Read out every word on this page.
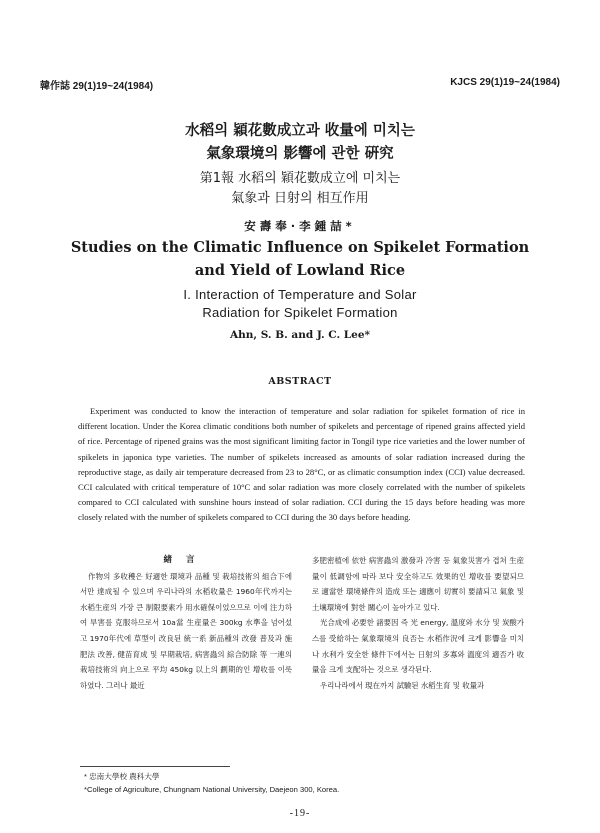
韓作誌 29(1)19~24(1984)	KJCS 29(1)19~24(1984)
水稻의 穎花數成立과 收量에 미치는
氣象環境의 影響에 관한 硏究
第1報 水稻의 穎花數成立에 미치는
氣象과 日射의 相互作用
安壽奉·李鍾喆*
Studies on the Climatic Influence on Spikelet Formation
and Yield of Lowland Rice
I. Interaction of Temperature and Solar
Radiation for Spikelet Formation
Ahn, S. B. and J. C. Lee*
ABSTRACT
Experiment was conducted to know the interaction of temperature and solar radiation for spikelet formation of rice in different location. Under the Korea climatic conditions both number of spikelets and percentage of ripened grains affected yield of rice. Percentage of ripened grains was the most significant limiting factor in Tongil type rice varieties and the lower number of spikelets in japonica type varieties. The number of spikelets increased as amounts of solar radiation increased during the reproductive stage, as daily air temperature decreased from 23 to 28°C, or as climatic consumption index (CCI) value decreased. CCI calculated with critical temperature of 10°C and solar radiation was more closely correlated with the number of spikelets compared to CCI calculated with sunshine hours instead of solar radiation. CCI during the 15 days before heading was more closely related with the number of spikelets compared to CCI during the 30 days before heading.

緖言

作物의 多收穫은 好適한 環境과 品種 및 栽培技術의 組合下에서만 達成될 수 있으며 우리나라의 水稻收量은 1960年代까지는 水稻生産의 가장 큰 制限要素가 用水確保이었으므로 이에 注力하여 旱害를 克服하므로서 10a當 生産量은 300kg 水準을 넘어섰고 1970年代에 草型이 改良된 統一系 新品種의 改發 普及과 施肥法 改善, 健苗育成 및 早期栽培, 病害蟲의 綜合防除 等 一連의 栽培技術의 向上으로 平均 450kg 以上의 劃期的인 增收를 이룩하였다. 그러나 最近

多肥密植에 依한 病害蟲의 激發과 冷害 등 氣象災害가 겹쳐 生産量이 低調함에 따라 보다 安全하고도 效果的인 增收를 要望되므로 適當한 環境條件의 造成 또는 適應이 切實히 要請되고 氣象 및 土壤環境에 對한 關心이 높아가고 있다.

光合成에 必要한 諸要因 즉 光 energy, 溫度와 水分 및 炭酸가스를 受給하는 氣象環境의 良否는 水稻作況에 크게 影響을 미치나 水利가 安全한 條件下에서는 日射의 多寡와 溫度의 適否가 收量을 크게 支配하는 것으로 생각된다.

우리나라에서 現在까지 試驗된 水稻生育 및 收量과

* 忠南大學校 農科大學
*College of Agriculture, Chungnam National University, Daejeon 300, Korea.
-19-
